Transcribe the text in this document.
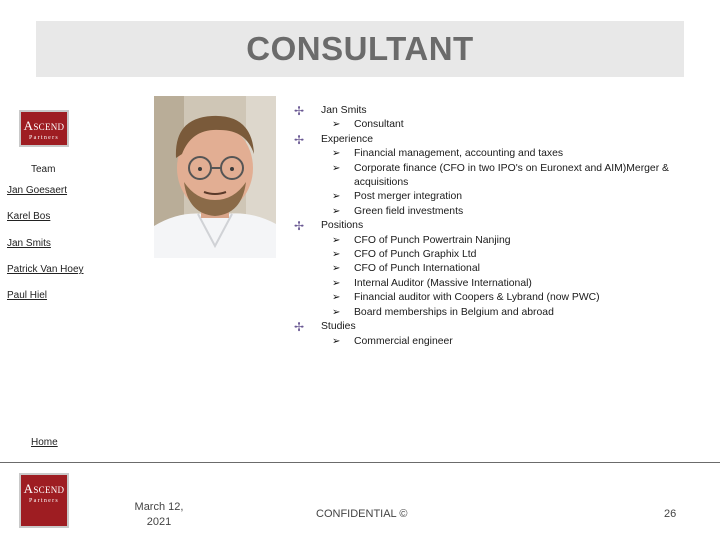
CONSULTANT
ASCEND
Partners
Team
Jan Goesaert
Karel Bos
Jan Smits
Patrick Van Hoey
Paul Hiel
Home
✢ Jan Smits
➢ Consultant
✢ Experience
➢ Financial management, accounting and taxes
➢ Corporate finance (CFO in two IPO's on Euronext and AIM)Merger & acquisitions
➢ Post merger integration
➢ Green field investments
✢ Positions
➢ CFO of Punch Powertrain Nanjing
➢ CFO of Punch Graphix Ltd
➢ CFO of Punch International
➢ Internal Auditor (Massive International)
➢ Financial auditor with Coopers & Lybrand (now PWC)
➢ Board memberships in Belgium and abroad
✢ Studies
➢ Commercial engineer
ASCEND
Partners	March 12, 2021
CONFIDENTIAL ©	26
